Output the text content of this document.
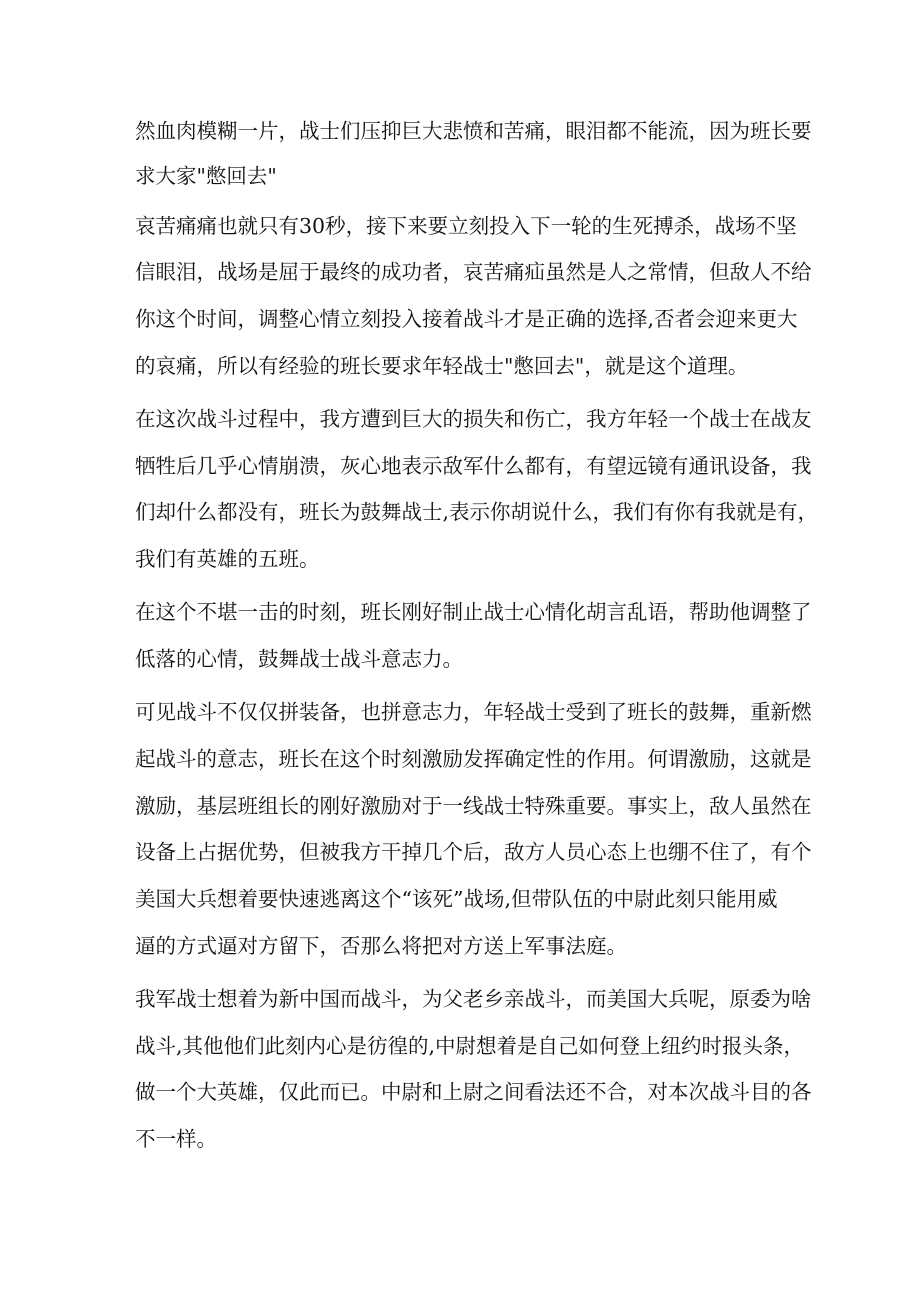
然血肉模糊一片，战士们压抑巨大悲愤和苦痛，眼泪都不能流，因为班长要
求大家"憋回去"
哀苦痛痛也就只有30秒，接下来要立刻投入下一轮的生死搏杀，战场不坚
信眼泪，战场是屈于最终的成功者，哀苦痛疝虽然是人之常情，但敌人不给
你这个时间，调整心情立刻投入接着战斗才是正确的选择,否者会迎来更大
的哀痛，所以有经验的班长要求年轻战士"憋回去"，就是这个道理。
在这次战斗过程中，我方遭到巨大的损失和伤亡，我方年轻一个战士在战友
牺牲后几乎心情崩溃，灰心地表示敌军什么都有，有望远镜有通讯设备，我
们却什么都没有，班长为鼓舞战士,表示你胡说什么，我们有你有我就是有，
我们有英雄的五班。
在这个不堪一击的时刻，班长刚好制止战士心情化胡言乱语，帮助他调整了
低落的心情，鼓舞战士战斗意志力。
可见战斗不仅仅拼装备，也拼意志力，年轻战士受到了班长的鼓舞，重新燃
起战斗的意志，班长在这个时刻激励发挥确定性的作用。何谓激励，这就是
激励，基层班组长的刚好激励对于一线战士特殊重要。事实上，敌人虽然在
设备上占据优势，但被我方干掉几个后，敌方人员心态上也绷不住了，有个
美国大兵想着要快速逃离这个“该死”战场,但带队伍的中尉此刻只能用威
逼的方式逼对方留下，否那么将把对方送上军事法庭。
我军战士想着为新中国而战斗，为父老乡亲战斗，而美国大兵呢，原委为啥
战斗,其他他们此刻内心是彷徨的,中尉想着是自己如何登上纽约时报头条，
做一个大英雄，仅此而已。中尉和上尉之间看法还不合，对本次战斗目的各
不一样。
